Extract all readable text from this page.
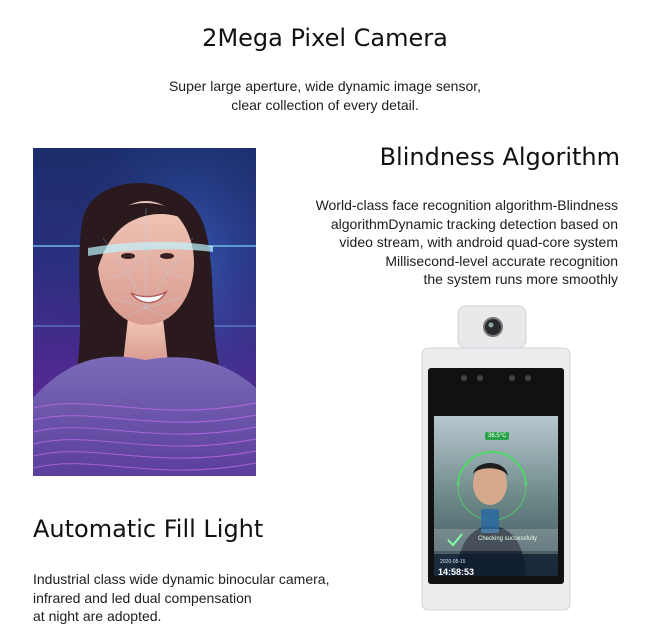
2Mega Pixel Camera
Super large aperture, wide dynamic image sensor,
clear collection of every detail.
Blindness Algorithm
World-class face recognition algorithm-Blindness
algorithmDynamic tracking detection based on
video stream, with android quad-core system
Millisecond-level accurate recognition
the system runs more smoothly
36.5°C
Checking successfully
2020-05-15
14:58:53
Automatic Fill Light
Industrial class wide dynamic binocular camera,
infrared and led dual compensation
at night are adopted.
